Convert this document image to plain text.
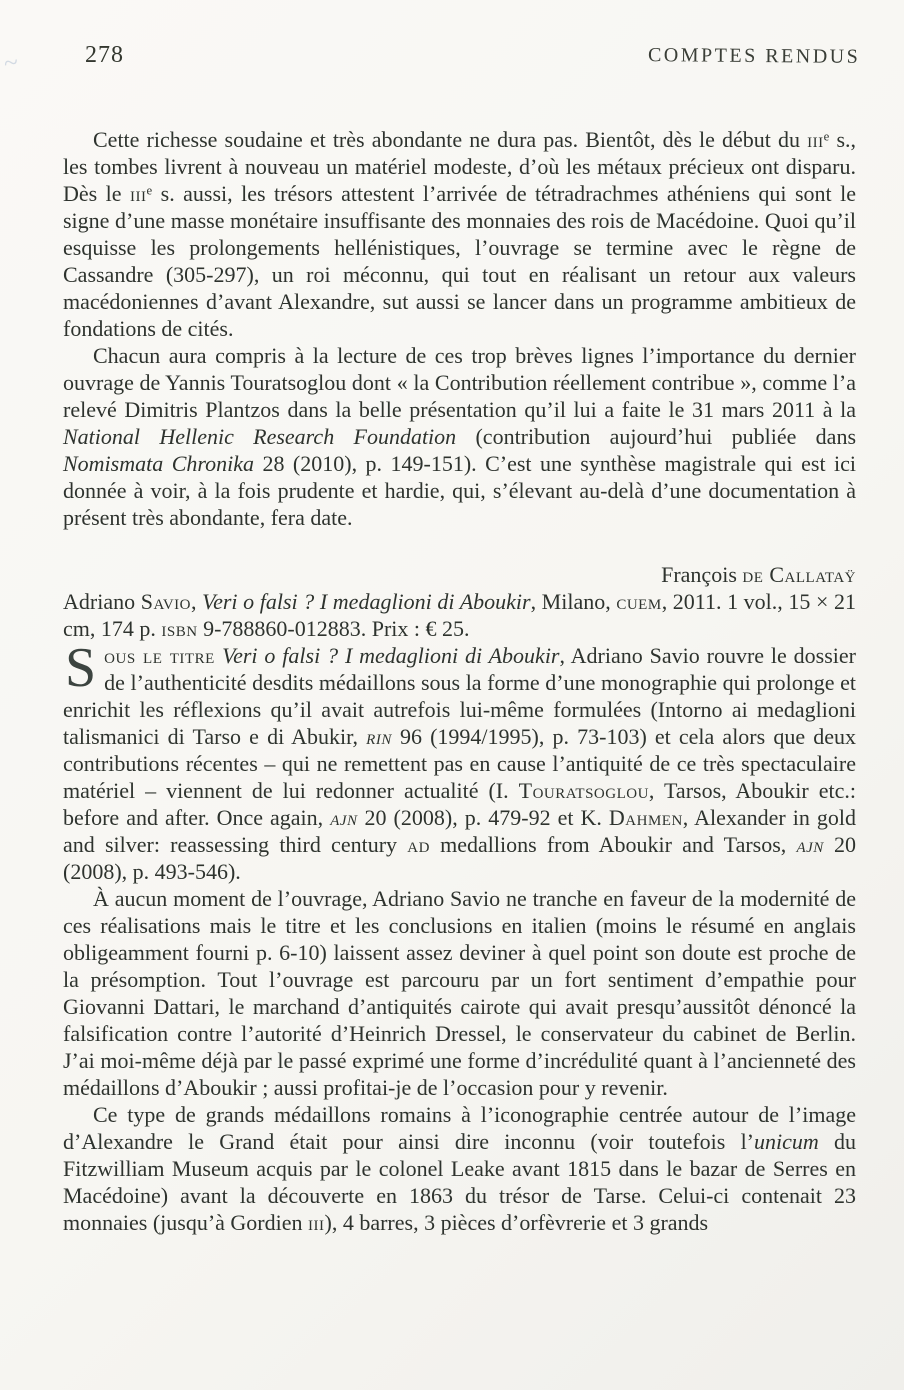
~	278	COMPTES RENDUS

Cette richesse soudaine et très abondante ne dura pas. Bientôt, dès le début du iii$^e$ s., les tombes livrent à nouveau un matériel modeste, d’où les métaux précieux ont disparu. Dès le iii$^e$ s. aussi, les trésors attestent l’arrivée de tétradrachmes athéniens qui sont le signe d’une masse monétaire insuffisante des monnaies des rois de Macédoine. Quoi qu’il esquisse les prolongements hellénistiques, l’ouvrage se termine avec le règne de Cassandre (305-297), un roi méconnu, qui tout en réalisant un retour aux valeurs macédoniennes d’avant Alexandre, sut aussi se lancer dans un programme ambitieux de fondations de cités.

Chacun aura compris à la lecture de ces trop brèves lignes l’importance du dernier ouvrage de Yannis Touratsoglou dont « la Contribution réellement contribue », comme l’a relevé Dimitris Plantzos dans la belle présentation qu’il lui a faite le 31 mars 2011 à la National Hellenic Research Foundation (contribution aujourd’hui publiée dans Nomismata Chronika 28 (2010), p. 149-151). C’est une synthèse magistrale qui est ici donnée à voir, à la fois prudente et hardie, qui, s’élevant au-delà d’une documentation à présent très abondante, fera date.

François de Callataÿ

Adriano Savio, Veri o falsi ? I medaglioni di Aboukir, Milano, cuem, 2011. 1 vol., 15 × 21 cm, 174 p. isbn 9-788860-012883. Prix : € 25.

Sous le titre Veri o falsi ? I medaglioni di Aboukir, Adriano Savio rouvre le dossier de l’authenticité desdits médaillons sous la forme d’une monographie qui prolonge et enrichit les réflexions qu’il avait autrefois lui-même formulées (Intorno ai medaglioni talismanici di Tarso e di Abukir, rin 96 (1994/1995), p. 73-103) et cela alors que deux contributions récentes – qui ne remettent pas en cause l’antiquité de ce très spectaculaire matériel – viennent de lui redonner actualité (I. Touratsoglou, Tarsos, Aboukir etc.: before and after. Once again, ajn 20 (2008), p. 479-92 et K. Dahmen, Alexander in gold and silver: reassessing third century ad medallions from Aboukir and Tarsos, ajn 20 (2008), p. 493-546).

À aucun moment de l’ouvrage, Adriano Savio ne tranche en faveur de la modernité de ces réalisations mais le titre et les conclusions en italien (moins le résumé en anglais obligeamment fourni p. 6-10) laissent assez deviner à quel point son doute est proche de la présomption. Tout l’ouvrage est parcouru par un fort sentiment d’empathie pour Giovanni Dattari, le marchand d’antiquités cairote qui avait presqu’aussitôt dénoncé la falsification contre l’autorité d’Heinrich Dressel, le conservateur du cabinet de Berlin. J’ai moi-même déjà par le passé exprimé une forme d’incrédulité quant à l’ancienneté des médaillons d’Aboukir ; aussi profitai-je de l’occasion pour y revenir.

Ce type de grands médaillons romains à l’iconographie centrée autour de l’image d’Alexandre le Grand était pour ainsi dire inconnu (voir toutefois l’unicum du Fitzwilliam Museum acquis par le colonel Leake avant 1815 dans le bazar de Serres en Macédoine) avant la découverte en 1863 du trésor de Tarse. Celui-ci contenait 23 monnaies (jusqu’à Gordien iii), 4 barres, 3 pièces d’orfèvrerie et 3 grands
